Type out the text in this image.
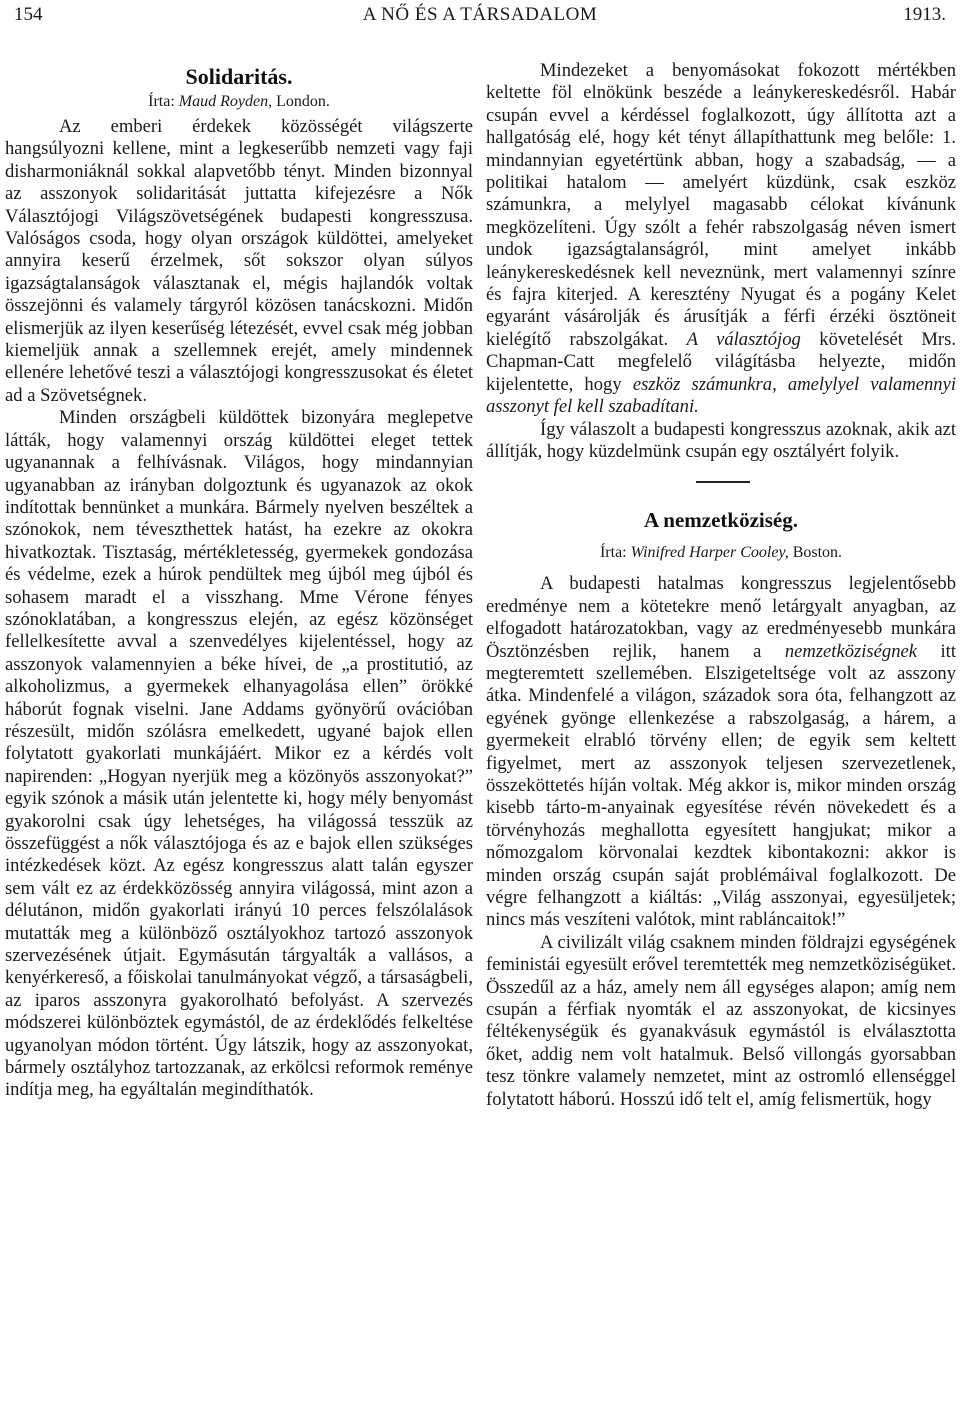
154	A NŐ ÉS A TÁRSADALOM	1913.
Solidaritás.
Írta: Maud Royden, London.

Az emberi érdekek közösségét világszerte hangsúlyozni kellene, mint a legkeserűbb nemzeti vagy faji disharmoniáknál sokkal alapvetőbb tényt. Minden bizonnyal az asszonyok solidaritását juttatta kifejezésre a Nők Választójogi Világszövetségének budapesti kongresszusa. Valóságos csoda, hogy olyan országok küldöttei, amelyeket annyira keserű érzelmek, sőt sokszor olyan súlyos igazságtalanságok választanak el, mégis hajlandók voltak összejönni és valamely tárgyról közösen tanácskozni. Midőn elismerjük az ilyen keserűség létezését, evvel csak még jobban kiemeljük annak a szellemnek erejét, amely mindennek ellenére lehetővé teszi a választójogi kongresszusokat és életet ad a Szövetségnek.

Minden országbeli küldöttek bizonyára meglepetve látták, hogy valamennyi ország küldöttei eleget tettek ugyanannak a felhívásnak. Világos, hogy mindannyian ugyanabban az irányban dolgoztunk és ugyanazok az okok indítottak bennünket a munkára. Bármely nyelven beszéltek a szónokok, nem téveszthettek hatást, ha ezekre az okokra hivatkoztak. Tisztaság, mértékletesség, gyermekek gondozása és védelme, ezek a húrok pendültek meg újból meg újból és sohasem maradt el a visszhang. Mme Vérone fényes szónoklatában, a kongresszus elején, az egész közönséget fellelkesítette avval a szenvedélyes kijelentéssel, hogy az asszonyok valamennyien a béke hívei, de „a prostitutió, az alkoholizmus, a gyermekek elhanyagolása ellen” örökké háborút fognak viselni. Jane Addams gyönyörű ovációban részesült, midőn szólásra emelkedett, ugyané bajok ellen folytatott gyakorlati munkájáért. Mikor ez a kérdés volt napirenden: „Hogyan nyerjük meg a közönyös asszonyokat?” egyik szónok a másik után jelentette ki, hogy mély benyomást gyakorolni csak úgy lehetséges, ha világossá tesszük az összefüggést a nők választójoga és az e bajok ellen szükséges intézkedések közt. Az egész kongresszus alatt talán egyszer sem vált ez az érdekközösség annyira világossá, mint azon a délutánon, midőn gyakorlati irányú 10 perces felszólalások mutatták meg a különböző osztályokhoz tartozó asszonyok szervezésének útjait. Egymásután tárgyalták a vallásos, a kenyérkereső, a főiskolai tanulmányokat végző, a társaságbeli, az iparos asszonyra gyakorolható befolyást. A szervezés módszerei különböztek egymástól, de az érdeklődés felkeltése ugyanolyan módon történt. Úgy látszik, hogy az asszonyokat, bármely osztályhoz tartozzanak, az erkölcsi reformok reménye indítja meg, ha egyáltalán megindíthatók.

Mindezeket a benyomásokat fokozott mértékben keltette föl elnökünk beszéde a leánykereskedésről. Habár csupán evvel a kérdéssel foglalkozott, úgy állította azt a hallgatóság elé, hogy két tényt állapíthattunk meg belőle: 1. mindannyian egyetértünk abban, hogy a szabadság, — a politikai hatalom — amelyért küzdünk, csak eszköz számunkra, a melylyel magasabb célokat kívánunk megközelíteni. Úgy szólt a fehér rabszolgaság néven ismert undok igazságtalanságról, mint amelyet inkább leánykereskedésnek kell neveznünk, mert valamennyi színre és fajra kiterjed. A keresztény Nyugat és a pogány Kelet egyaránt vásárolják és árusítják a férfi érzéki ösztöneit kielégítő rabszolgákat. A választójog követelését Mrs. Chapman-Catt megfelelő világításba helyezte, midőn kijelentette, hogy eszköz számunkra, amelylyel valamennyi asszonyt fel kell szabadítani.

Így válaszolt a budapesti kongresszus azoknak, akik azt állítják, hogy küzdelmünk csupán egy osztályért folyik.

A nemzetköziség.
Írta: Winifred Harper Cooley, Boston.

A budapesti hatalmas kongresszus legjelentősebb eredménye nem a kötetekre menő letárgyalt anyagban, az elfogadott határozatokban, vagy az eredményesebb munkára Ösztönzésben rejlik, hanem a nemzetköziségnek itt megteremtett szellemében. Elszigeteltsége volt az asszony átka. Mindenfelé a világon, századok sora óta, felhangzott az egyének gyönge ellenkezése a rabszolgaság, a hárem, a gyermekeit elrabló törvény ellen; de egyik sem keltett figyelmet, mert az asszonyok teljesen szervezetlenek, összeköttetés híján voltak. Még akkor is, mikor minden ország kisebb tárto-m-anyainak egyesítése révén növekedett és a törvényhozás meghallotta egyesített hangjukat; mikor a nőmozgalom körvonalai kezdtek kibontakozni: akkor is minden ország csupán saját problémáival foglalkozott. De végre felhangzott a kiáltás: „Világ asszonyai, egyesüljetek; nincs más veszíteni valótok, mint rabláncaitok!”

A civilizált világ csaknem minden földrajzi egységének feministái egyesült erővel teremtették meg nemzetköziségüket. Összedűl az a ház, amely nem áll egységes alapon; amíg nem csupán a férfiak nyomták el az asszonyokat, de kicsinyes féltékenységük és gyanakvásuk egymástól is elválasztotta őket, addig nem volt hatalmuk. Belső villongás gyorsabban tesz tönkre valamely nemzetet, mint az ostromló ellenséggel folytatott háború. Hosszú idő telt el, amíg felismertük, hogy
